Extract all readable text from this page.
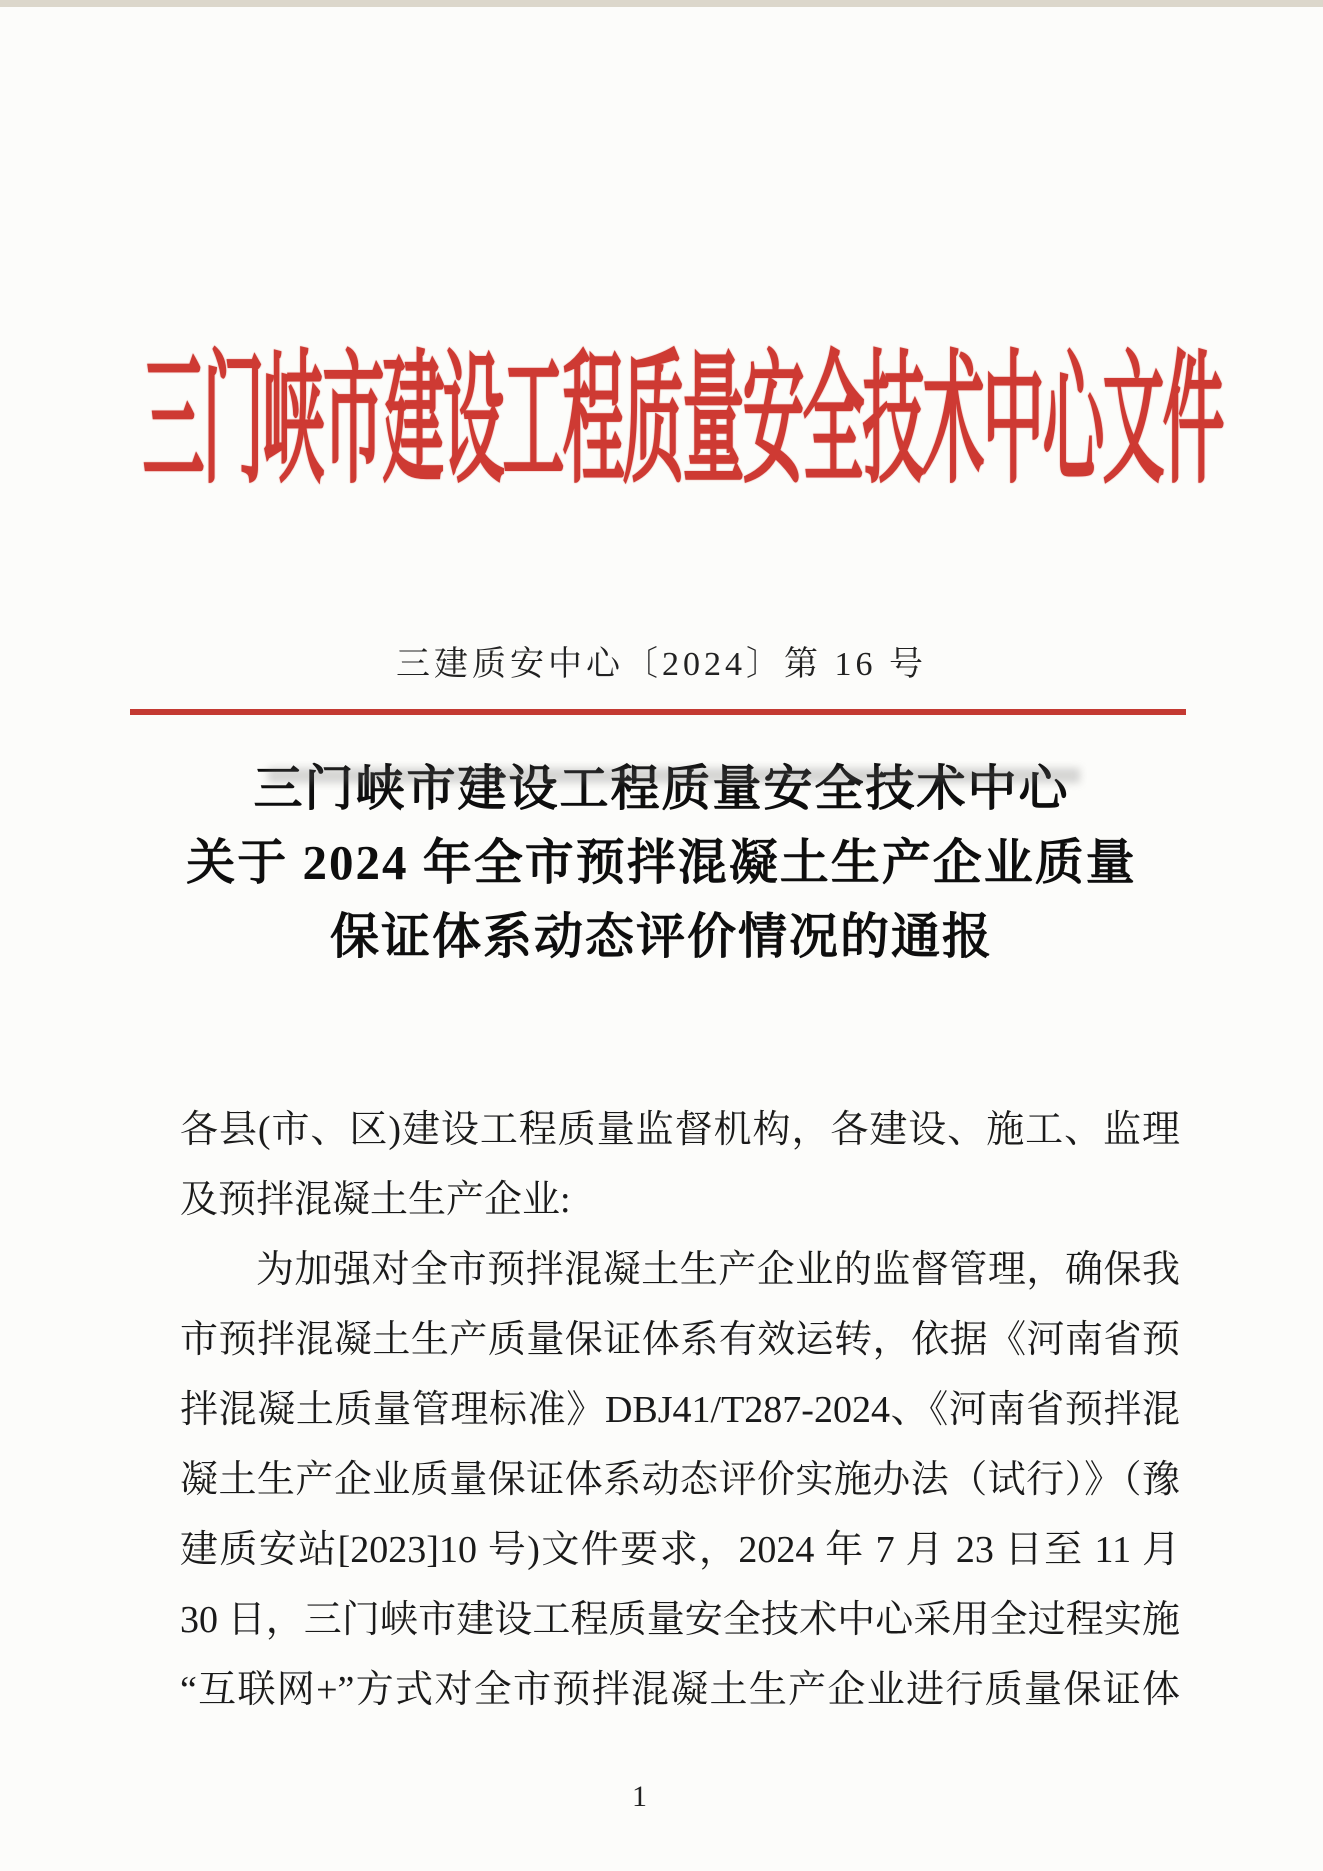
三门峡市建设工程质量安全技术中心文件
三建质安中心〔2024〕第 16 号
三门峡市建设工程质量安全技术中心
关于 2024 年全市预拌混凝土生产企业质量
保证体系动态评价情况的通报
各县(市、区)建设工程质量监督机构，各建设、施工、监理
及预拌混凝土生产企业:
为加强对全市预拌混凝土生产企业的监督管理，确保我
市预拌混凝土生产质量保证体系有效运转，依据《河南省预
拌混凝土质量管理标准》DBJ41/T287-2024、《河南省预拌混
凝土生产企业质量保证体系动态评价实施办法（试行）》（豫
建质安站[2023]10 号)文件要求，2024 年 7 月 23 日至 11 月
30 日，三门峡市建设工程质量安全技术中心采用全过程实施
“互联网+”方式对全市预拌混凝土生产企业进行质量保证体
1
